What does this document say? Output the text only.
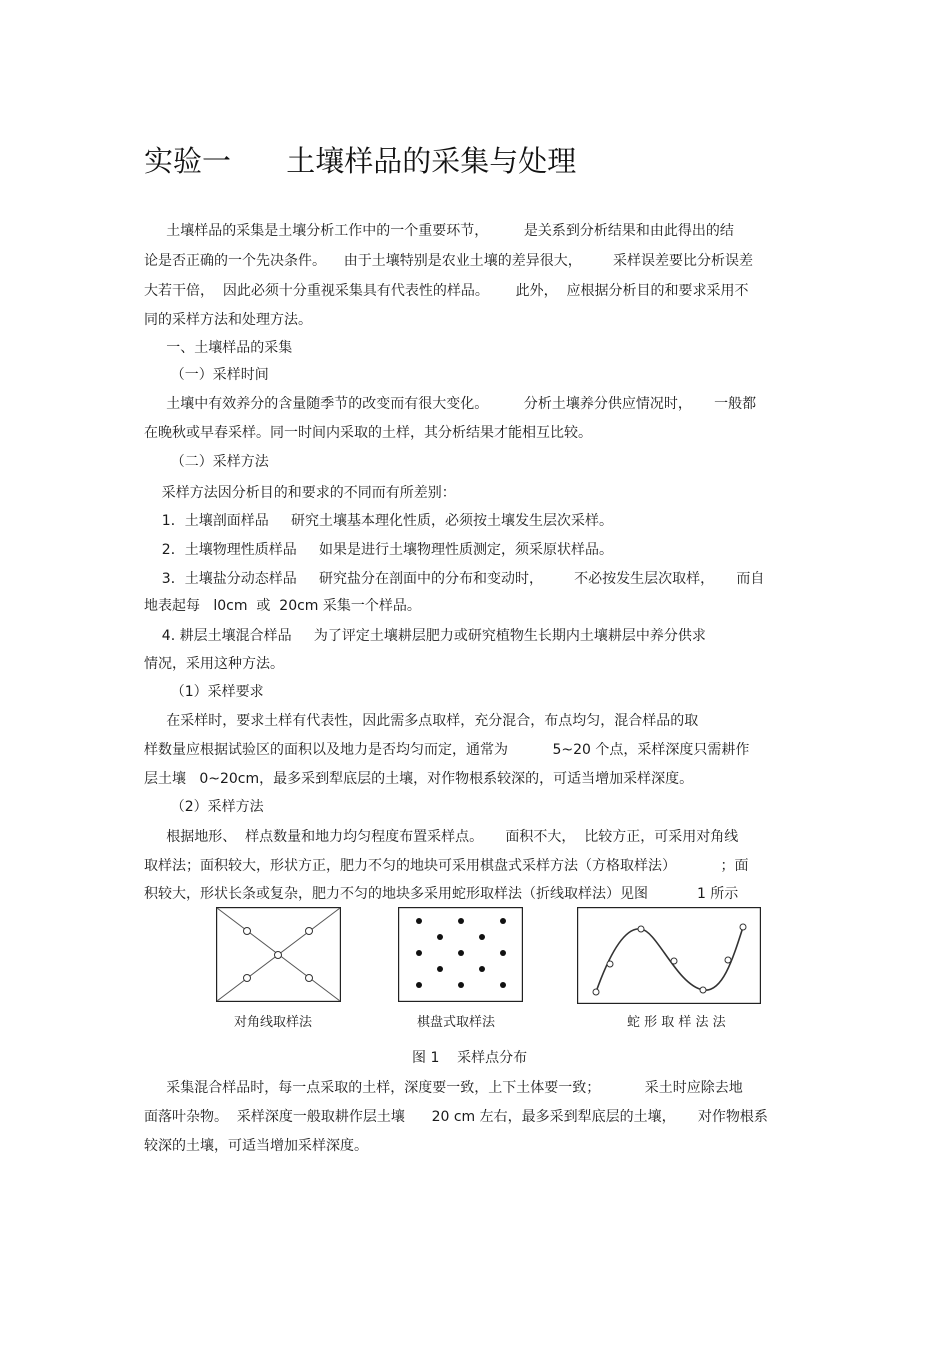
实验一      土壤样品的采集与处理
土壤样品的采集是土壤分析工作中的一个重要环节，        是关系到分析结果和由此得出的结
论是否正确的一个先决条件。    由于土壤特别是农业土壤的差异很大，       采样误差要比分析误差
大若干倍，  因此必须十分重视采集具有代表性的样品。      此外，  应根据分析目的和要求采用不
同的采样方法和处理方法。
一、土壤样品的采集
（一）采样时间
土壤中有效养分的含量随季节的改变而有很大变化。        分析土壤养分供应情况时，     一般都
在晚秋或早春采样。同一时间内采取的土样，其分析结果才能相互比较。
（二）采样方法
采样方法因分析目的和要求的不同而有所差别：
1．土壤剖面样品     研究土壤基本理化性质，必须按土壤发生层次采样。
2．土壤物理性质样品     如果是进行土壤物理性质测定，须采原状样品。
3．土壤盐分动态样品     研究盐分在剖面中的分布和变动时，       不必按发生层次取样，     而自
地表起每   l0cm  或  20cm 采集一个样品。
4. 耕层土壤混合样品     为了评定土壤耕层肥力或研究植物生长期内土壤耕层中养分供求
情况，采用这种方法。
（1）采样要求
在采样时，要求土样有代表性，因此需多点取样，充分混合，布点均匀，混合样品的取
样数量应根据试验区的面积以及地力是否均匀而定，通常为          5~20 个点，采样深度只需耕作
层土壤   0~20cm，最多采到犁底层的土壤，对作物根系较深的，可适当增加采样深度。
（2）采样方法
根据地形、  样点数量和地力均匀程度布置采样点。     面积不大，  比较方正，可采用对角线
取样法；面积较大，形状方正，肥力不匀的地块可采用棋盘式采样方法（方格取样法）          ；面
积较大，形状长条或复杂，肥力不匀的地块多采用蛇形取样法（折线取样法）见图           1 所示
对角线取样法	棋盘式取样法	蛇 形 取 样 法 法
图 1    采样点分布
采集混合样品时，每一点采取的土样，深度要一致，上下土体要一致；          采土时应除去地
面落叶杂物。  采样深度一般取耕作层土壤      20 cm 左右，最多采到犁底层的土壤，     对作物根系
较深的土壤，可适当增加采样深度。
